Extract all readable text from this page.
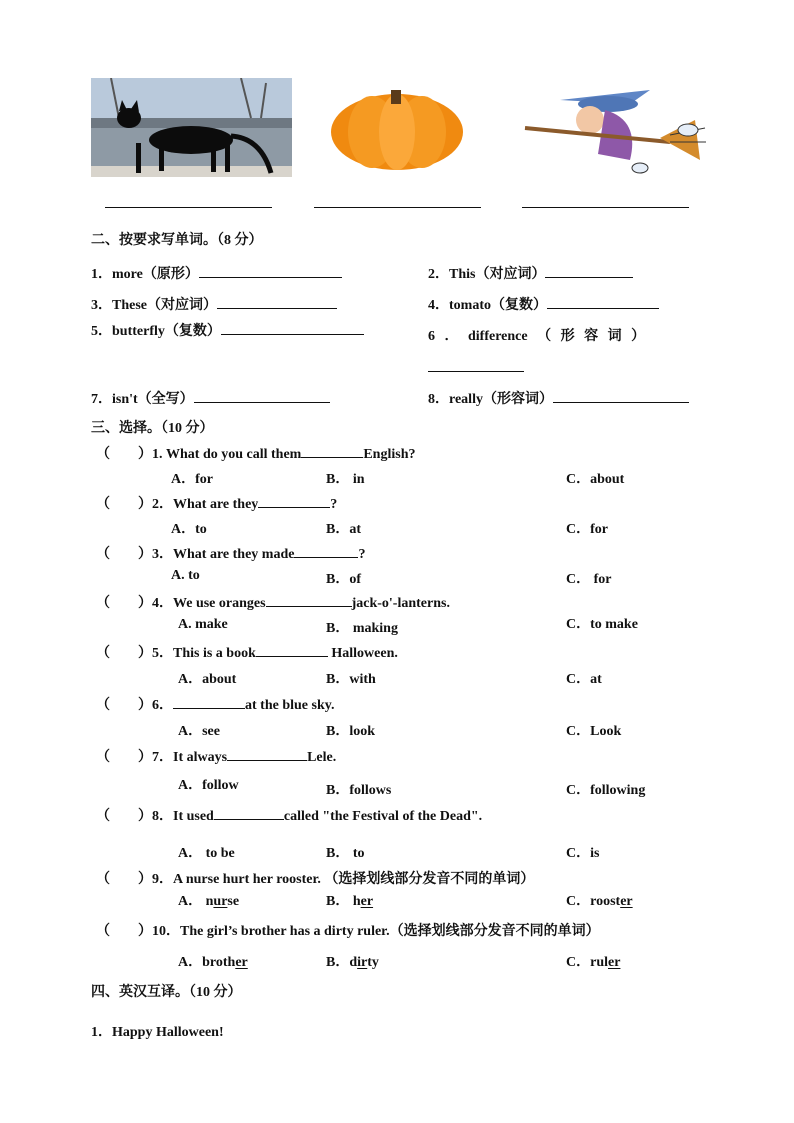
二、按要求写单词。（8 分）
1．more（原形）	2．This（对应词）
3．These（对应词）	4．tomato（复数）
5．butterfly（复数）	6 ． difference （ 形 容 词 ）
7．isn't（全写）	8．really（形容词）
三、选择。（10 分）
（　　）1. What do you call them	English?
A．for	B． in	C．about
（　　）2．What are they	?
A．to	B．at	C．for
（　　）3．What are they made	?
A. to	B．of	C． for
（　　）4．We use oranges	jack-o'-lanterns.
A. make	B． making	C．to make
（　　）5．This is a book	Halloween.
A．about	B．with	C．at
（　　）6．	at the blue sky.
A．see	B．look	C．Look
（　　）7．It always	Lele.
A．follow	B．follows	C．following
（　　）8．It used	called "the Festival of the Dead".
A． to be	B． to	C．is
（　　）9．A nurse hurt her rooster. （选择划线部分发音不同的单词）
A． nurse	B． her	C．rooster
（　　）10．The girl’s brother has a dirty ruler.（选择划线部分发音不同的单词）
A．brother	B．dirty	C．ruler
四、英汉互译。（10 分）
1．Happy Halloween!
